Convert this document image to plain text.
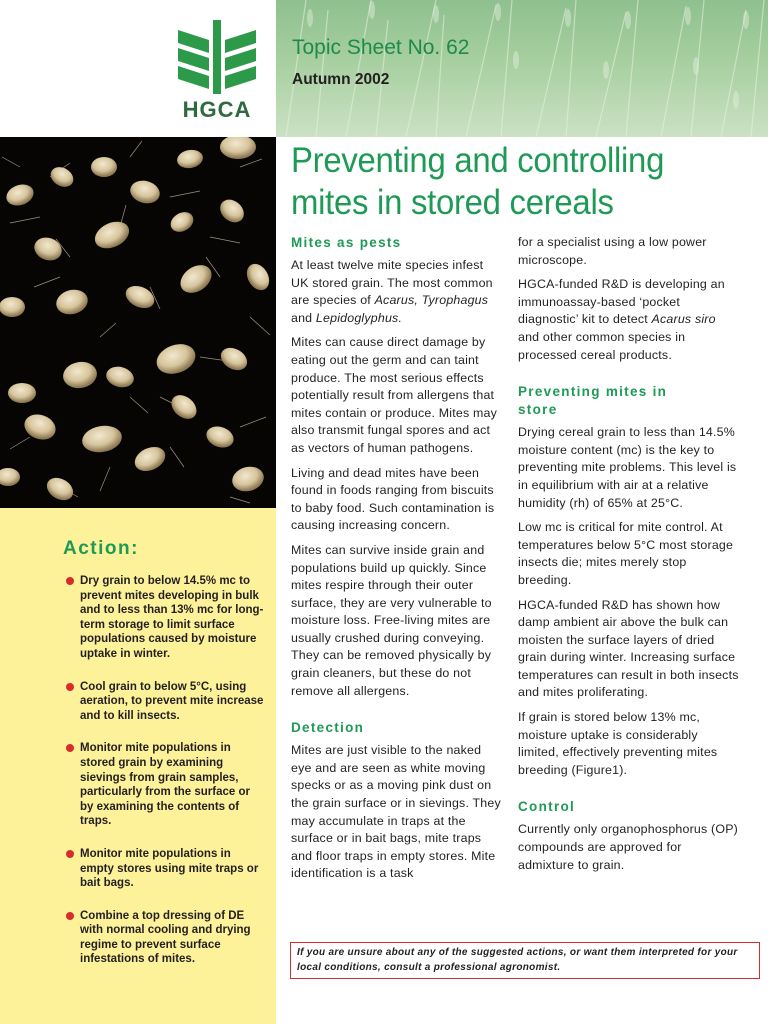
HGCA
Action:
Dry grain to below 14.5% mc to prevent mites developing in bulk and to less than 13% mc for long-term storage to limit surface populations caused by moisture uptake in winter.
Cool grain to below 5°C, using aeration, to prevent mite increase and to kill insects.
Monitor mite populations in stored grain by examining sievings from grain samples, particularly from the surface or by examining the contents of traps.
Monitor mite populations in empty stores using mite traps or bait bags.
Combine a top dressing of DE with normal cooling and drying regime to prevent surface infestations of mites.
Topic Sheet No. 62
Autumn 2002
Preventing and controlling
mites in stored cereals
Mites as pests

At least twelve mite species infest UK stored grain. The most common are species of Acarus, Tyrophagus and Lepidoglyphus.

Mites can cause direct damage by eating out the germ and can taint produce. The most serious effects potentially result from allergens that mites contain or produce. Mites may also transmit fungal spores and act as vectors of human pathogens.

Living and dead mites have been found in foods ranging from biscuits to baby food. Such contamination is causing increasing concern.

Mites can survive inside grain and populations build up quickly. Since mites respire through their outer surface, they are very vulnerable to moisture loss. Free-living mites are usually crushed during conveying. They can be removed physically by grain cleaners, but these do not remove all allergens.

Detection

Mites are just visible to the naked eye and are seen as white moving specks or as a moving pink dust on the grain surface or in sievings. They may accumulate in traps at the surface or in bait bags, mite traps and floor traps in empty stores. Mite identification is a task

for a specialist using a low power microscope.

HGCA-funded R&D is developing an immunoassay-based ‘pocket diagnostic’ kit to detect Acarus siro and other common species in processed cereal products.

Preventing mites in store

Drying cereal grain to less than 14.5% moisture content (mc) is the key to preventing mite problems. This level is in equilibrium with air at a relative humidity (rh) of 65% at 25°C.

Low mc is critical for mite control. At temperatures below 5°C most storage insects die; mites merely stop breeding.

HGCA-funded R&D has shown how damp ambient air above the bulk can moisten the surface layers of dried grain during winter. Increasing surface temperatures can result in both insects and mites proliferating.

If grain is stored below 13% mc, moisture uptake is considerably limited, effectively preventing mites breeding (Figure1).

Control

Currently only organophosphorus (OP) compounds are approved for admixture to grain.

If you are unsure about any of the suggested actions, or want them interpreted for your local conditions, consult a professional agronomist.
